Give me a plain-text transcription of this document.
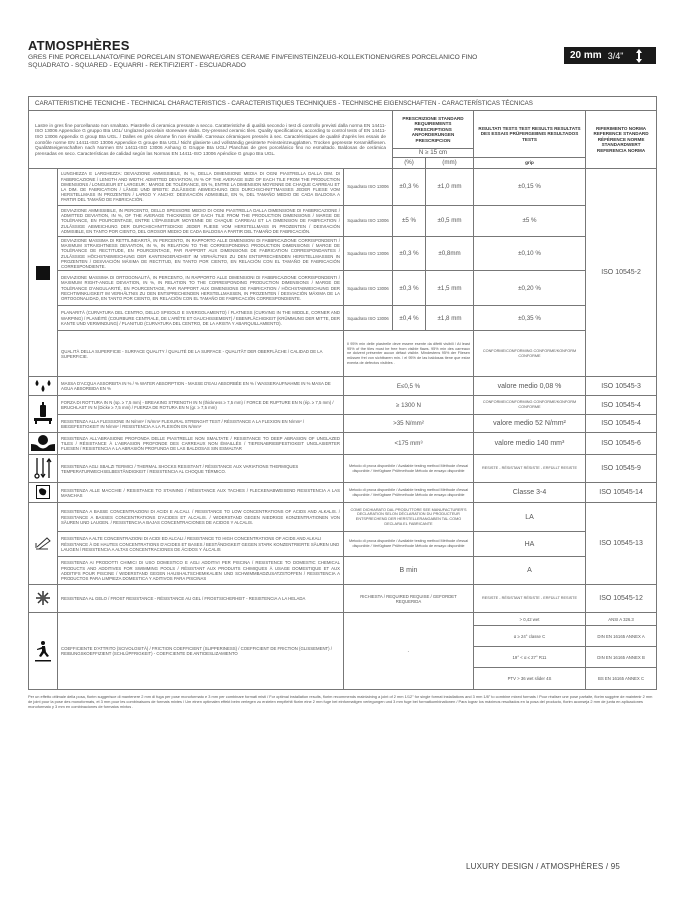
ATMOSPHÈRES
GRES FINE PORCELLANATO/FINE PORCELAIN STONEWARE/GRES CERAME FIN/FEINSTEINZEUG-KOLLEKTIONEN/GRES PORCELANICO FINO
SQUADRATO - SQUARED - EQUARRI - REKTIFIZIERT - ESCUADRADO
20 mm 3/4"
CARATTERISTICHE TECNICHE - TECHNICAL CHARACTERISTICS - CARACTERISTIQUES TECHNIQUES - TECHNISCHE EIGENSCHAFTEN - CARACTERÍSTICAS TÉCNICAS						
Lastre in gres fine porcellanato non smaltato. Piastrelle di ceramica pressate a secco. Caratteristiche di qualità secondo i test di controllo previsti dalla norma EN 14411-ISO 13006 Appendice G gruppo BIa UGL/ Unglazed porcelain stoneware slabs. Dry-pressed ceramic tiles. Quality specifications, according to control tests of EN 14411-ISO 13006 Appendix G group BIa UGL. / Dalles en grès cérame fin non émaillé. Carreaux céramiques pressés à sec. Caractéristiques de qualité d'après les essais de contrôle norme EN 14411-ISO 13006 Appendice G groupe BIa UGL/ Nicht glasierte und vollständig gesinterte Feinsteinzeugplatten. Trocken gepresste Keramikfliesen. Qualitätseigenschaften nach Normen EN 14411-ISO 13006 Anhang G Gruppe BIa UGL/ Planchas de gres porcelánico fino no esmaltado. Baldosas de cerámica prensadas en seco. Características de calidad según las Normas EN 14411-ISO 13006 Apéndice G grupo BIa UGL.			PRESCRIZIONE STANDARD REQUIREMENTS PRESCRIPTIONS ANFORDERUNGEN PRESCRIPCION		RISULTATI TESTS TEST RESULTS RESULTATS DES ESSAIS PRÜFERGEBNIS RESULTADOS TESTS	RIFERIMENTO NORMA REFERENCE STANDARD RÉFÉRENCE NORME STANDARDWERT REFERENCIA NORMA
			N ≥ 15 cm			
			(%)	(mm)	grip	

	LUNGHEZZA E LARGHEZZA: DEVIAZIONE AMMISSIBILE, IN %, DELLA DIMENSIONE MEDIA DI OGNI PIASTRELLA DALLA DIM. DI FABBRICAZIONE / LENGTH AND WIDTH: ADMITTED DEVIATION, IN % OF THE AVERAGE SIZE OF EACH TILE FROM THE PRODUCTION DIMENSIONS / LONGUEUR ET LARGEUR : MARGE DE TOLÉRANCE, EN %, ENTRE LA DIMENSION MOYENNE DE CHAQUE CARREAU ET LA DIM. DE FABRICATION / LÄNGE UND BREITE: ZULÄSSIGE ABWEICHUNG DES DURCHSCHNITTMASSES JEDER FLIESE VOM HERSTELLMASS IN PROZENTEN / LARGO Y ANCHO: DESVIACIÓN ADMISIBLE, EN %, DEL TAMAÑO MEDIO DE CADA BALDOSA A PARTIR DEL TAMAÑO DE FABRICACIÓN.	Squadrato ISO 13006	±0,3 %	±1,0 mm	±0,15 %	ISO 10545-2
	DEVIAZIONE AMMISSIBILE, IN PERCENTO, DELLO SPESSORE MEDIO DI OGNI PIASTRELLA DALLA DIMENSIONE DI FABBRICAZIONE / ADMITTED DEVIATION, IN %, OF THE AVERAGE THICKNESS OF EACH TILE FROM THE PRODUCTION DIMENSIONS / MARGE DE TOLÉRANCE, EN POURCENTAGE, ENTRE L'ÉPAISSEUR MOYENNE DE CHAQUE CARREAU ET LA DIMENSION DE FABRICATION / ZULÄSSIGE ABWEICHUNG DER DURCHSCHNITTSDICKE JEDER FLIESE VOM HERSTELLMASS IN PROZENTEN / DESVIACIÓN ADMISIBLE, EN TANTO POR CIENTO, DEL GROSOR MEDIO DE CADA BALDOSA A PARTIR DEL TAMAÑO DE FABRICACIÓN.	Squadrato ISO 13006	±5 %	±0,5 mm	±5 %	
	DEVIAZIONE MASSIMA DI RETTILINEARITÀ, IN PERCENTO, IN RAPPORTO ALLE DIMENSIONI DI FABBRICAZIONE CORRISPONDENTI / MAXIMUM STRAIGHTNESS DEVIATION, IN %, IN RELATION TO THE CORRESPONDING PRODUCTION DIMENSIONS / MARGE DE TOLÉRANCE DE RECTITUDE, EN POURCENTAGE, PAR RAPPORT AUX DIMENSIONS DE FABRICATION CORRESPONDANTES / ZULÄSSIGE HÖCHSTABWEICHUNG DER KANTENGERADHEIT IM VERHÄLTNIS ZU DEN ENTSPRECHENDEN HERSTELLMASSEN IN PROZENTEN / DESVIACIÓN MÁXIMA DE RECTITUD, EN TANTO POR CIENTO, EN RELACIÓN CON EL TAMAÑO DE FABRICACIÓN CORRESPONDIENTE.	Squadrato ISO 13006	±0,3 %	±0,8mm	±0,10 %	
	DEVIAZIONE MASSIMA DI ORTOGONALITÀ, IN PERCENTO, IN RAPPORTO ALLE DIMENSIONI DI FABBRICAZIONE CORRISPONDENTI / MAXIMUM RIGHT-ANGLE DEVIATION, IN %, IN RELATION TO THE CORRESPONDING PRODUCTION DIMENSIONS / MARGE DE TOLÉRANCE D'ANGULARITÉ, EN POURCENTAGE, PAR RAPPORT AUX DIMENSIONS DE FABRICATION / HÖCHSTABWEICHUNG DER RECHTWINKLIGKEIT IM VERHÄLTNIS ZU DEN ENTSPRECHENDEN HERSTELLMASSEN, IN PROZENTEN / DESVIACIÓN MÁXIMA DE LA ORTOGONALIDAD, EN TANTO POR CIENTO, EN RELACIÓN CON EL TAMAÑO DE FABRICACIÓN CORRESPONDIENTE.	Squadrato ISO 13006	±0,3 %	±1,5 mm	±0,20 %	
	PLANARITÀ (CURVATURA DEL CENTRO, DELLO SPIGOLO E SVERGOLAMENTO) / FLATNESS (CURVING IN THE MIDDLE, CORNER AND WARPING) / PLANÉITÉ (COURBURE CENTRALE, DE L'ARÊTE ET GAUCHISSEMENT) / EBENFLÄCHIGKEIT (KRÜMMUNG DER MITTE, DER KANTE UND VERWINDUNG) / PLANITUD (CURVATURA DEL CENTRO, DE LA ARISTA Y ABARQUILLAMIENTO).	Squadrato ISO 13006	±0,4 %	±1,8 mm	±0,35 %	
	QUALITÀ DELLA SUPERFICIE - SURFACE QUALITY / QUALITÉ DE LA SURFACE - QUALITÄT DER OBERFLÄCHE / CALIDAD DE LA SUPERFICIE.	Il 95% min delle piastrelle deve essere esente da difetti visibili / At least 95% of the tiles must be free from visible flaws. 95% min des carreaux ne doivent présenter aucun défaut visible. Mindestens 95% der Fliesen müssen frei von sichtbaren min. / el 95% de las baldosas tiene que estar exenta de defectos visibles .			CONFORME/CONFORMING CONFORME/KONFORM CONFORME	
	MASSA D'ACQUA ASSORBITA IN % / % WATER ABSORPTION - MASSE D'EAU ABSORBÉE EN % / WASSERAUFNAHME IN % MASA DE AGUA ABSORBIDA EN %	E≤0,5 %			valore medio 0,08 %	ISO 10545-3
	FORZA DI ROTTURA IN N (sp. ≥ 7,5 mm) - BREAKING STRENGTH IN N (thickness ≥ 7,5 mm) / FORCE DE RUPTURE EN N (ép. ≥ 7,5 mm) / BRUCHLAST IN N (Dicke ≥ 7,5 mm) / FUERZA DE ROTURA EN N (gr. ≥ 7,5 mm)	≥ 1300 N			CONFORME/CONFORMING CONFORME/KONFORM CONFORME	ISO 10545-4
	RESISTENZA ALLA FLESSIONE IN N/mm² / N/mm² FLEXURAL STRENGHT TEST / RÉSISTANCE A LA FLEXION EN N/mm² / BIEGEFESTIGKEIT IN N/mm² / RESISTENCIA A LA FLEXIÓN EN N/mm²	>35 N/mm²			valore medio 52 N/mm²	ISO 10545-4
	RESISTENZA ALL'ABRASIONE PROFONDA DELLE PIASTRELLE NON SMALTATE / RESISTANCE TO DEEP ABRASION OF UNGLAZED TILES / RÉSISTANCE À L'ABRASION PROFONDE DES CARREAUX NON ÉMAILLÉS / TIEFENABRIEBFESTIGKEIT UNGLASIERTER FLIESEN / RESISTENCIA A LA ABRASIÓN PROFUNDA DE LAS BALDOSAS SIN ESMALTAR	<175 mm³			valore medio 140 mm³	ISO 10545-6
	RESISTENZA AGLI SBALZI TERMICI / THERMAL SHOCKS RESISTANT / RÉSISTANCE AUX VARIATIONS THERMIQUES TEMPERATURWECHSELBESTÄNDIGKEIT / RESISTENCIA AL CHOQUE TÉRMICO.	Metodo di prova disponibile / Available testing method Méthode d'essai disponible / Verfügbare Prüfmethode Método de ensayo disponible			RESISTE - RÉSISTANT RÉSISTE - ERFÜLLT RESISTE	ISO 10545-9
	RESISTENZA ALLE MACCHIE / RESISTANCE TO STAINING / RÉSISTANCE AUX TACHES / FLECKENABWEISEND RESISTENCIA A LAS MANCHAS	Metodo di prova disponibile / Available testing method Méthode d'essai disponible / Verfügbare Prüfmethode Método de ensayo disponible			Classe 3-4	ISO 10545-14
	RESISTENZA A BASSE CONCENTRAZIONI DI ACIDI E ALCALI. / RESISTANCE TO LOW CONCENTRATIONS OF ACIDS AND ALKALIS. / RESISTANCE A BASSES CONCENTRATIONS D'ACIDES ET ALCALIS. / WIDERSTAND GEGEN NIEDRIGE KONZENTRATIONEN VON SÄUREN UND LAUGEN. / RESISTENCIA A BAJAS CONCENTRACIONES DE ACIDOS Y ALCALIS.	COME DICHIARATO DAL PRODUTTORE SEE MANUFACTURER'S DECLARATION SELON DÉCLARATION DU PRODUCTEUR ENTSPRECHEND DER HERSTELLERANGABEN TAL COMO DECLARA EL FABRICANTE			LA	ISO 10545-13
	RESISTENZA A ALTE CONCENTRAZIONI DI ACIDI ED ALCALI / RESISTANCE TO HIGH CONCENTRATIONS OF ACIDS AND ALKALI RÉSISTANCE À DE HAUTES CONCENTRATIONS D'ACIDES ET BASES / BESTÄNDIGKEIT GEGEN STARK KONZENTRIERTE SÄUREN UND LAUGEN / RESISTENCIA A ALTAS CONCENTRACIONES DE ÁCIDOS Y ÁLCALIS	Metodo di prova disponibile / Available testing method Méthode d'essai disponible / Verfügbare Prüfmethode Método de ensayo disponible			HA	
	RESISTENZA AI PRODOTTI CHIMICI DI USO DOMESTICO E AGLI ADDITIVI PER PISCINA / RESISTENCE TO DOMESTIC CHEMICAL PRODUCTS AND ADDITIVES FOR SWIMMING POOLS / RÉSISTANT AUX PRODUITS CHIMIQUES À USAGE DOMESTIQUE ET AUX ADDITIFS POUR PISCINE / WIDERSTAND GEGEN HAUSHALTSCHEMIKALIEN UND SCHWIMMBADZUSATZSTOFFEN / RESISTENCIA A PRODUCTOS PARA LIMPIEZA DOMESTICA Y ADITIVOS PARA PISCINAS	B min			A	
	RESISTENZA AL GELO / FROST RESISTANCE - RÉSISTANCE AU GEL / FROSTSICHERHEIT - RESISTENCIA A LA HELADA	RICHIESTA / REQUIRED REQUISE / GEFORDET REQUERIDA			RESISTE - RÉSISTANT RÉSISTE - ERFÜLLT RESISTE	ISO 10545-12
	COEFFICIENTE D'ATTRITO (SCIVOLOSITÀ) / FRICTION COEFFICIENT (SLIPPERINESS) / COEFFICIENT DE FRICTION (GLISSEMENT) / REIBUNGSKOEFFIZIENT (SCHLÜPFRIGKEIT) - COEFICIENTE DE ANTIDESLIZAMIENTO	-			> 0,42 wet	ANSI A 326.3
					α ≥ 24° classe C	DIN EN 16165 ANNEX A
					19° < α ≤ 27° R11	DIN EN 16165 ANNEX B
					PTV > 36 wet slider 4S	BS EN 16165 ANNEX C
Per un effetto ottimale della posa, florim suggerisce di mantenere 2 mm di fuga per pose monoformato e 3 mm per combinare formati misti / For optimal installation results, florim recommends maintaining a joint of 2 mm 1/12" for single format installations and 3 mm 1/8" to combine mixed formats / Pour réaliser une pose parfaite, florim suggère de maintenir 2 mm de joint pour la pose des monoformats, et 3 mm pour les combinaisons de formats mixtes / Um einen optimalen effekt beim verlegen zu erzielen empfiehlt florim eine 2 mm fuge bei einformatigen verlegungen und 3 mm fuge bei formatkombinationen / Para lograr los máximos resultados en la posa del producto, florim aconseja 2 mm de junta en aplicaciones monoformato y 3 mm en combinaciones de formatos mixtos .
LUXURY DESIGN / ATMOSPHÈRES / 95
